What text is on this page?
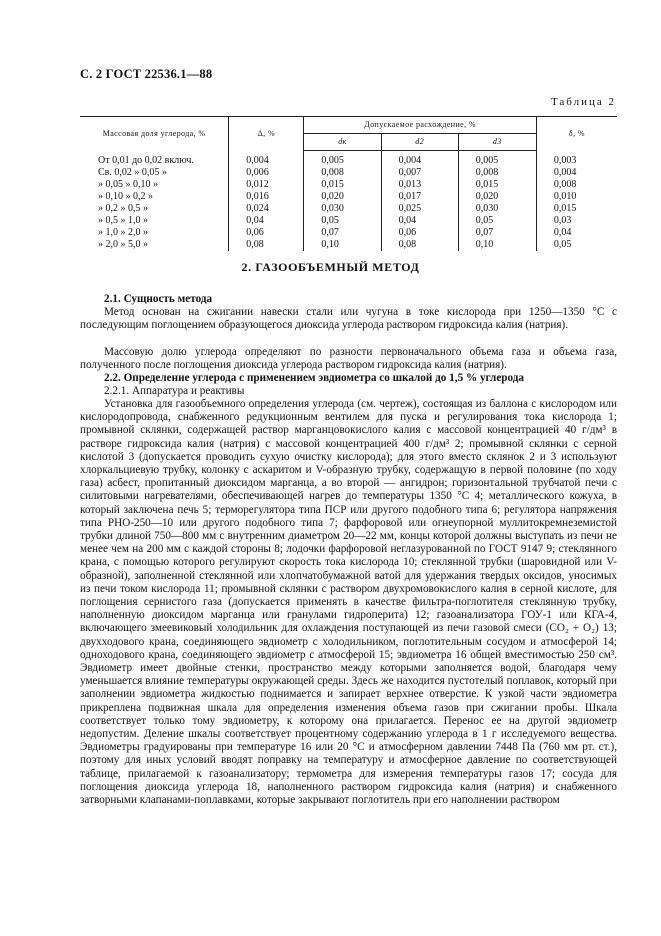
С. 2 ГОСТ 22536.1—88
Таблица 2
Массовая доля углерода, %	Δ, %	Допускаемое расхождение, %			δ, %
		dк	d2	d3	
От 0,01 до 0,02 включ.	0,004	0,005	0,004	0,005	0,003
Св. 0,02 » 0,05 »	0,006	0,008	0,007	0,008	0,004
» 0,05 » 0,10 »	0,012	0,015	0,013	0,015	0,008
» 0,10 » 0,2 »	0,016	0,020	0,017	0,020	0,010
» 0,2 » 0,5 »	0,024	0,030	0,025	0,030	0,015
» 0,5 » 1,0 »	0,04	0,05	0,04	0,05	0,03
» 1,0 » 2,0 »	0,06	0,07	0,06	0,07	0,04
» 2,0 » 5,0 »	0,08	0,10	0,08	0,10	0,05
2. ГАЗООБЪЕМНЫЙ МЕТОД

2.1. Сущность метода

Метод основан на сжигании навески стали или чугуна в токе кислорода при 1250—1350 °С с последующим поглощением образующегося диоксида углерода раствором гидроксида калия (натрия).

Массовую долю углерода определяют по разности первоначального объема газа и объема газа, полученного после поглощения диоксида углерода раствором гидроксида калия (натрия).

2.2. Определение углерода с применением эвдиометра со шкалой до 1,5 % углерода

2.2.1. Аппаратура и реактивы

Установка для газообъемного определения углерода (см. чертеж), состоящая из баллона с кислородом или кислородопровода, снабженного редукционным вентилем для пуска и регулирования тока кислорода 1; промывной склянки, содержащей раствор марганцовокислого калия с массовой концентрацией 40 г/дм³ в растворе гидроксида калия (натрия) с массовой концентрацией 400 г/дм³ 2; промывной склянки с серной кислотой 3 (допускается проводить сухую очистку кислорода); для этого вместо склянок 2 и 3 используют хлоркальциевую трубку, колонку с аскаритом и V-образную трубку, содержащую в первой половине (по ходу газа) асбест, пропитанный диоксидом марганца, а во второй — ангидрон; горизонтальной трубчатой печи с силитовыми нагревателями, обеспечивающей нагрев до температуры 1350 °С 4; металлического кожуха, в который заключена печь 5; терморегулятора типа ПСР или другого подобного типа 6; регулятора напряжения типа РНО-250—10 или другого подобного типа 7; фарфоровой или огнеупорной муллитокремнеземистой трубки длиной 750—800 мм с внутренним диаметром 20—22 мм, концы которой должны выступать из печи не менее чем на 200 мм с каждой стороны 8; лодочки фарфоровой неглазурованной по ГОСТ 9147 9; стеклянного крана, с помощью которого регулируют скорость тока кислорода 10; стеклянной трубки (шаровидной или V-образной), заполненной стеклянной или хлопчатобумажной ватой для удержания твердых оксидов, уносимых из печи током кислорода 11; промывной склянки с раствором двухромовокислого калия в серной кислоте, для поглощения сернистого газа (допускается применять в качестве фильтра-поглотителя стеклянную трубку, наполненную диоксидом марганца или гранулами гидроперита) 12; газоанализатора ГОУ-1 или КГА-4, включающего змеевиковый холодильник для охлаждения поступающей из печи газовой смеси (СО₂ + О₂) 13; двухходового крана, соединяющего эвдиометр с холодильником, поглотительным сосудом и атмосферой 14; одноходового крана, соединяющего эвдиометр с атмосферой 15; эвдиометра 16 общей вместимостью 250 см³. Эвдиометр имеет двойные стенки, пространство между которыми заполняется водой, благодаря чему уменьшается влияние температуры окружающей среды. Здесь же находится пустотелый поплавок, который при заполнении эвдиометра жидкостью поднимается и запирает верхнее отверстие. К узкой части эвдиометра прикреплена подвижная шкала для определения изменения объема газов при сжигании пробы. Шкала соответствует только тому эвдиометру, к которому она прилагается. Перенос ее на другой эвдиометр недопустим. Деление шкалы соответствует процентному содержанию углерода в 1 г исследуемого вещества. Эвдиометры градуированы при температуре 16 или 20 °С и атмосферном давлении 7448 Па (760 мм рт. ст.), поэтому для иных условий вводят поправку на температуру и атмосферное давление по соответствующей таблице, прилагаемой к газоанализатору; термометра для измерения температуры газов 17; сосуда для поглощения диоксида углерода 18, наполненного раствором гидроксида калия (натрия) и снабженного затворными клапанами-поплавками, которые закрывают поглотитель при его наполнении раствором
